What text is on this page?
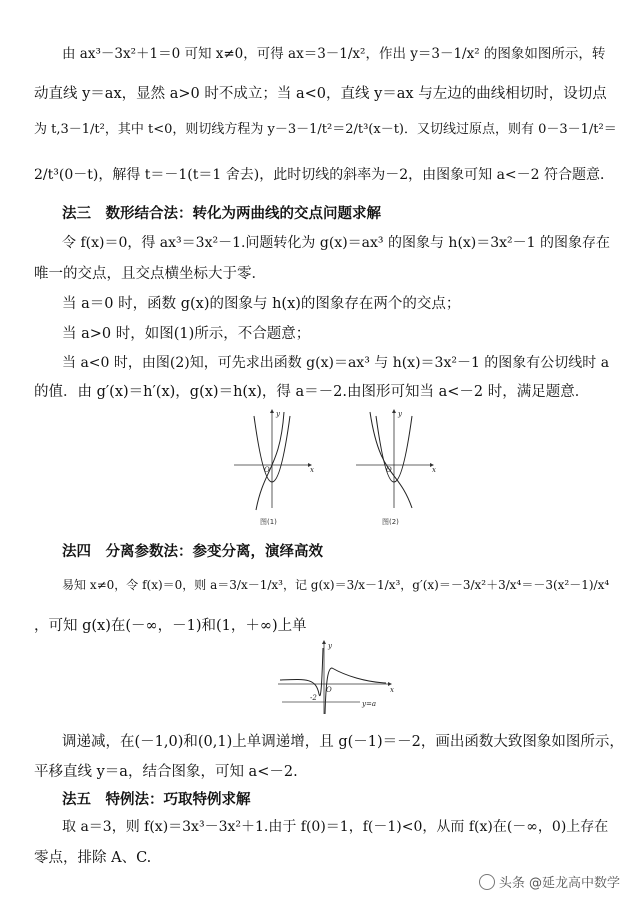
由 ax³－3x²＋1＝0 可知 x≠0，可得 ax＝3－1/x²，作出 y＝3－1/x² 的图象如图所示，转
动直线 y＝ax，显然 a>0 时不成立；当 a<0，直线 y＝ax 与左边的曲线相切时，设切点
为 t,3－1/t²，其中 t<0，则切线方程为 y－3－1/t²＝2/t³(x－t)．又切线过原点，则有 0－3－1/t²＝
2/t³(0－t)，解得 t＝－1(t＝1 舍去)，此时切线的斜率为－2，由图象可知 a<－2 符合题意．
令 f(x)＝0，得 ax³＝3x²－1.问题转化为 g(x)＝ax³ 的图象与 h(x)＝3x²－1 的图象存在
唯一的交点，且交点横坐标大于零．
当 a＝0 时，函数 g(x)的图象与 h(x)的图象存在两个的交点；
当 a>0 时，如图(1)所示，不合题意；
当 a<0 时，由图(2)知，可先求出函数 g(x)＝ax³ 与 h(x)＝3x²－1 的图象有公切线时 a
的值．由 g′(x)＝h′(x)，g(x)＝h(x)，得 a＝－2.由图形可知当 a<－2 时，满足题意．
易知 x≠0，令 f(x)＝0，则 a＝3/x－1/x³，记 g(x)＝3/x－1/x³，g′(x)＝－3/x²＋3/x⁴＝－3(x²－1)/x⁴
，可知 g(x)在(－∞，－1)和(1，＋∞)上单
调递减，在(－1,0)和(0,1)上单调递增，且 g(－1)＝－2，画出函数大致图象如图所示，
平移直线 y＝a，结合图象，可知 a<－2.
取 a＝3，则 f(x)＝3x³－3x²＋1.由于 f(0)＝1，f(－1)<0，从而 f(x)在(－∞，0)上存在
零点，排除 A、C.
法三　数形结合法：转化为两曲线的交点问题求解
法四　分离参数法：参变分离，演绎高效
法五　特例法：巧取特例求解
x
y
O
图(1)
x
y
O
图(2)
x
y
O
-2
y=a
头条 @延龙高中数学
